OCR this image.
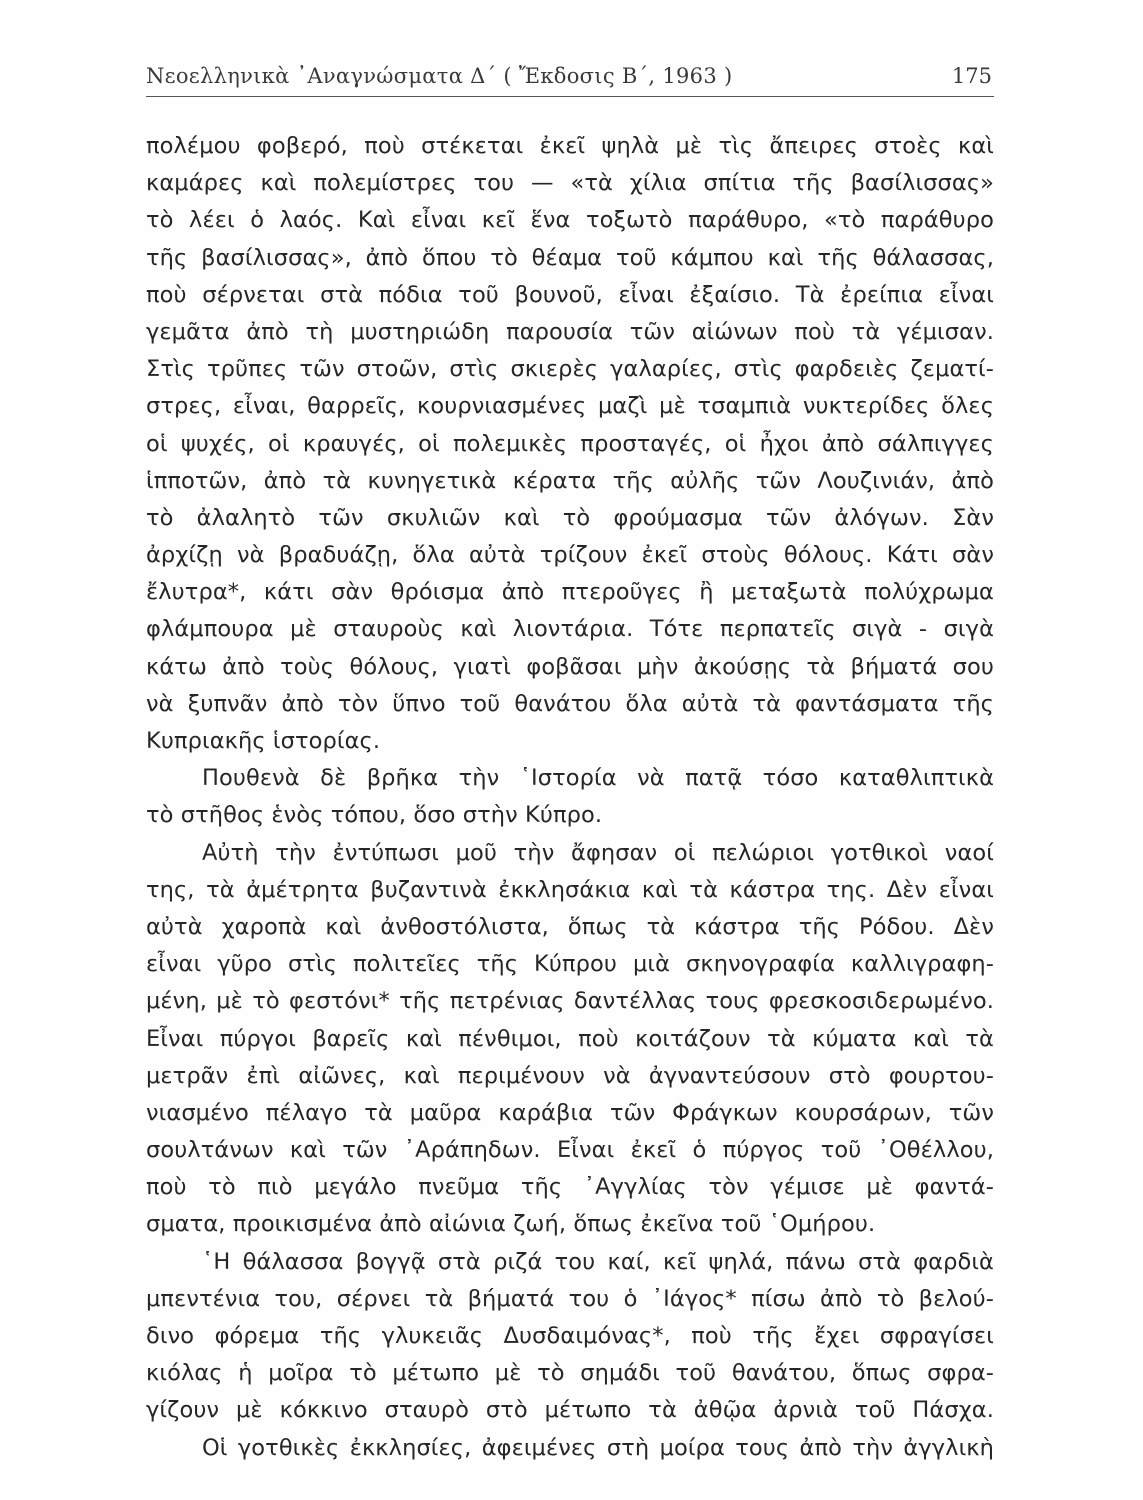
Νεοελληνικὰ ᾿Αναγνώσματα Δ΄ ( Ἔκδοσις Β΄, 1963 )	175
πολέμου φοβερό, ποὺ στέκεται ἐκεῖ ψηλὰ μὲ τὶς ἄπειρες στοὲς καὶ
καμάρες καὶ πολεμίστρες του — «τὰ χίλια σπίτια τῆς βασίλισσας»
τὸ λέει ὁ λαός. Καὶ εἶναι κεῖ ἕνα τοξωτὸ παράθυρο, «τὸ παράθυρο
τῆς βασίλισσας», ἀπὸ ὅπου τὸ θέαμα τοῦ κάμπου καὶ τῆς θάλασσας,
ποὺ σέρνεται στὰ πόδια τοῦ βουνοῦ, εἶναι ἐξαίσιο. Τὰ ἐρείπια εἶναι
γεμᾶτα ἀπὸ τὴ μυστηριώδη παρουσία τῶν αἰώνων ποὺ τὰ γέμισαν.
Στὶς τρῦπες τῶν στοῶν, στὶς σκιερὲς γαλαρίες, στὶς φαρδειὲς ζεματί-
στρες, εἶναι, θαρρεῖς, κουρνιασμένες μαζὶ μὲ τσαμπιὰ νυκτερίδες ὅλες
οἱ ψυχές, οἱ κραυγές, οἱ πολεμικὲς προσταγές, οἱ ἦχοι ἀπὸ σάλπιγγες
ἱπποτῶν, ἀπὸ τὰ κυνηγετικὰ κέρατα τῆς αὐλῆς τῶν Λουζινιάν, ἀπὸ
τὸ ἀλαλητὸ τῶν σκυλιῶν καὶ τὸ φρούμασμα τῶν ἀλόγων. Σὰν
ἀρχίζῃ νὰ βραδυάζῃ, ὅλα αὐτὰ τρίζουν ἐκεῖ στοὺς θόλους. Κάτι σὰν
ἔλυτρα*, κάτι σὰν θρόισμα ἀπὸ πτεροῦγες ἢ μεταξωτὰ πολύχρωμα
φλάμπουρα μὲ σταυροὺς καὶ λιοντάρια. Τότε περπατεῖς σιγὰ - σιγὰ
κάτω ἀπὸ τοὺς θόλους, γιατὶ φοβᾶσαι μὴν ἀκούσῃς τὰ βήματά σου
νὰ ξυπνᾶν ἀπὸ τὸν ὕπνο τοῦ θανάτου ὅλα αὐτὰ τὰ φαντάσματα τῆς
Κυπριακῆς ἱστορίας.
Πουθενὰ δὲ βρῆκα τὴν ῾Ιστορία νὰ πατᾷ τόσο καταθλιπτικὰ
τὸ στῆθος ἑνὸς τόπου, ὅσο στὴν Κύπρο.
Αὐτὴ τὴν ἐντύπωσι μοῦ τὴν ἄφησαν οἱ πελώριοι γοτθικοὶ ναοί
της, τὰ ἀμέτρητα βυζαντινὰ ἐκκλησάκια καὶ τὰ κάστρα της. Δὲν εἶναι
αὐτὰ χαροπὰ καὶ ἀνθοστόλιστα, ὅπως τὰ κάστρα τῆς Ρόδου. Δὲν
εἶναι γῦρο στὶς πολιτεῖες τῆς Κύπρου μιὰ σκηνογραφία καλλιγραφη-
μένη, μὲ τὸ φεστόνι* τῆς πετρένιας δαντέλλας τους φρεσκοσιδερωμένο.
Εἶναι πύργοι βαρεῖς καὶ πένθιμοι, ποὺ κοιτάζουν τὰ κύματα καὶ τὰ
μετρᾶν ἐπὶ αἰῶνες, καὶ περιμένουν νὰ ἀγναντεύσουν στὸ φουρτου-
νιασμένο πέλαγο τὰ μαῦρα καράβια τῶν Φράγκων κουρσάρων, τῶν
σουλτάνων καὶ τῶν ᾿Αράπηδων. Εἶναι ἐκεῖ ὁ πύργος τοῦ ᾿Οθέλλου,
ποὺ τὸ πιὸ μεγάλο πνεῦμα τῆς ᾿Αγγλίας τὸν γέμισε μὲ φαντά-
σματα, προικισμένα ἀπὸ αἰώνια ζωή, ὅπως ἐκεῖνα τοῦ ῾Ομήρου.
῾Η θάλασσα βογγᾷ στὰ ριζά του καί, κεῖ ψηλά, πάνω στὰ φαρδιὰ
μπεντένια του, σέρνει τὰ βήματά του ὁ ᾿Ιάγος* πίσω ἀπὸ τὸ βελού-
δινο φόρεμα τῆς γλυκειᾶς Δυσδαιμόνας*, ποὺ τῆς ἔχει σφραγίσει
κιόλας ἡ μοῖρα τὸ μέτωπο μὲ τὸ σημάδι τοῦ θανάτου, ὅπως σφρα-
γίζουν μὲ κόκκινο σταυρὸ στὸ μέτωπο τὰ ἀθῷα ἀρνιὰ τοῦ Πάσχα.
Οἱ γοτθικὲς ἐκκλησίες, ἀφειμένες στὴ μοίρα τους ἀπὸ τὴν ἀγγλικὴ
